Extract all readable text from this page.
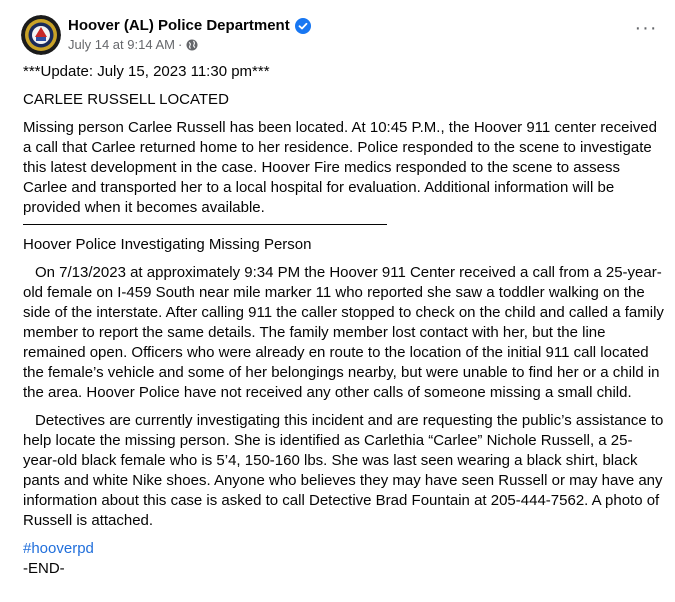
Hoover (AL) Police Department
July 14 at 9:14 AM ·
···

***Update: July 15, 2023 11:30 pm***

CARLEE RUSSELL LOCATED

Missing person Carlee Russell has been located. At 10:45 P.M., the Hoover 911 center received a call that Carlee returned home to her residence. Police responded to the scene to investigate this latest development in the case. Hoover Fire medics responded to the scene to assess Carlee and transported her to a local hospital for evaluation. Additional information will be provided when it becomes available.

Hoover Police Investigating Missing Person

On 7/13/2023 at approximately 9:34 PM the Hoover 911 Center received a call from a 25-year-old female on I-459 South near mile marker 11 who reported she saw a toddler walking on the side of the interstate. After calling 911 the caller stopped to check on the child and called a family member to report the same details. The family member lost contact with her, but the line remained open. Officers who were already en route to the location of the initial 911 call located the female’s vehicle and some of her belongings nearby, but were unable to find her or a child in the area. Hoover Police have not received any other calls of someone missing a small child.

Detectives are currently investigating this incident and are requesting the public’s assistance to help locate the missing person. She is identified as Carlethia “Carlee” Nichole Russell, a 25-year-old black female who is 5’4, 150-160 lbs. She was last seen wearing a black shirt, black pants and white Nike shoes. Anyone who believes they may have seen Russell or may have any information about this case is asked to call Detective Brad Fountain at 205-444-7562. A photo of Russell is attached.

#hooverpd

-END-
